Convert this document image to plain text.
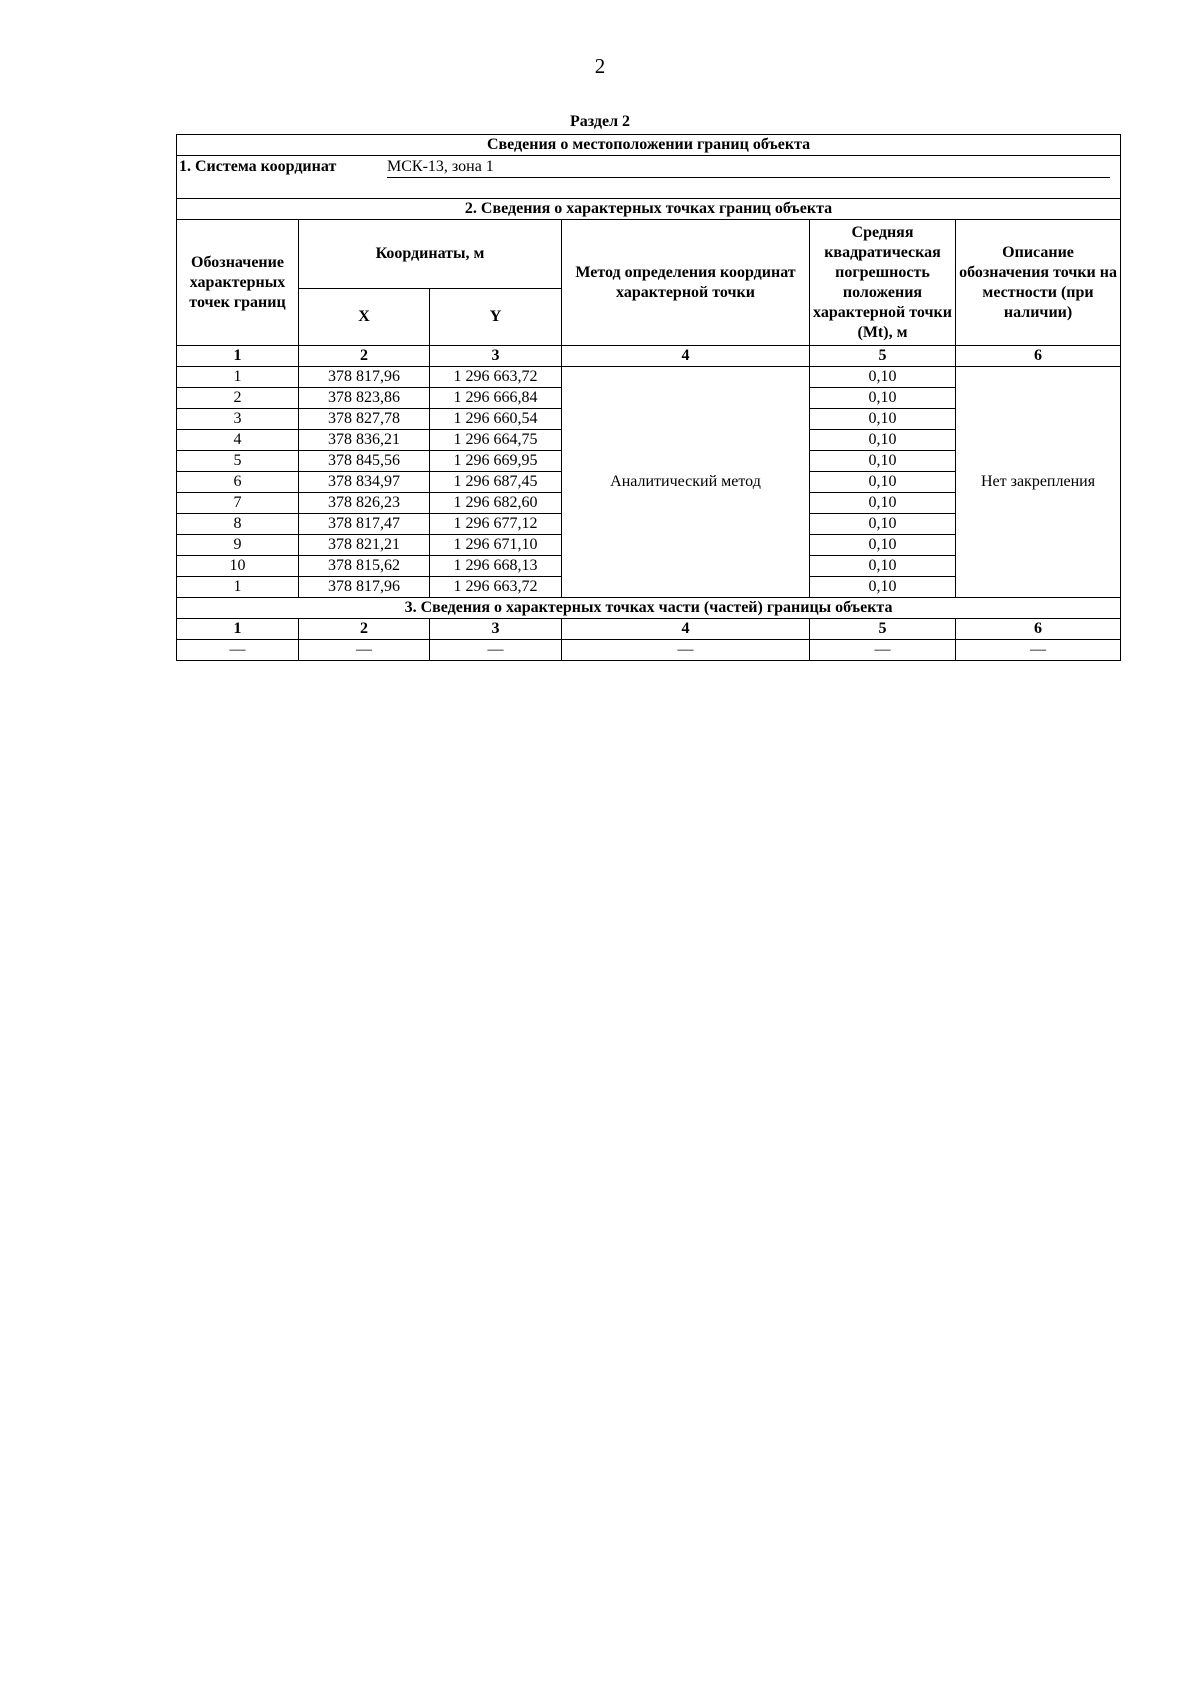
2
Раздел 2
Сведения о местоположении границ объекта					
1. Система координат МСК-13, зона 1					

2. Сведения о характерных точках границ объекта					
Обозначение характерных точек границ	Координаты, м		Метод определения координат характерной точки	Средняя квадратическая погрешность положения характерной точки (Mt), м	Описание обозначения точки на местности (при наличии)
	X	Y			
1	2	3	4	5	6
1	378 817,96	1 296 663,72	Аналитический метод	0,10	Нет закрепления
2	378 823,86	1 296 666,84		0,10	
3	378 827,78	1 296 660,54		0,10	
4	378 836,21	1 296 664,75		0,10	
5	378 845,56	1 296 669,95		0,10	
6	378 834,97	1 296 687,45		0,10	
7	378 826,23	1 296 682,60		0,10	
8	378 817,47	1 296 677,12		0,10	
9	378 821,21	1 296 671,10		0,10	
10	378 815,62	1 296 668,13		0,10	
1	378 817,96	1 296 663,72		0,10	
3. Сведения о характерных точках части (частей) границы объекта					
1	2	3	4	5	6
—	—	—	—	—	—
